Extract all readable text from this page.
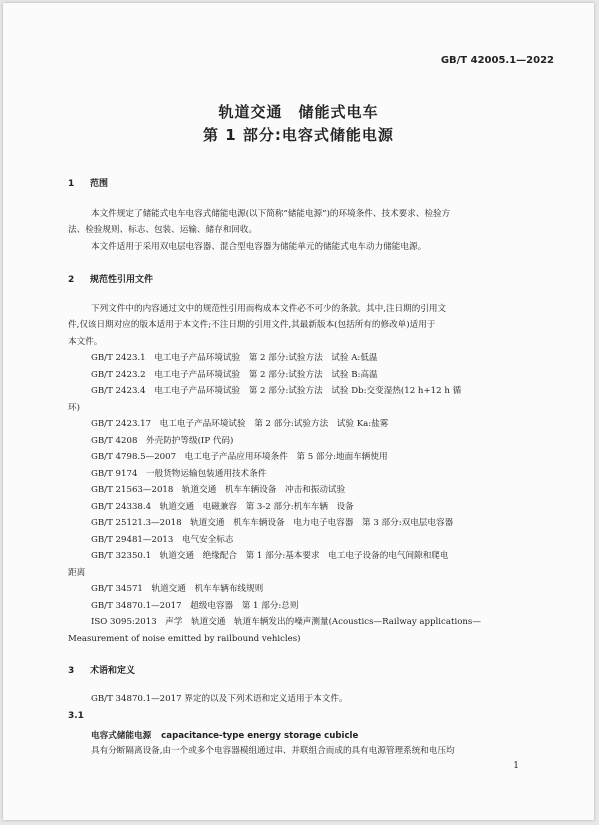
GB/T 42005.1—2022
轨道交通　储能式电车
第 1 部分:电容式储能电源
1 范围
本文件规定了储能式电车电容式储能电源(以下简称“储能电源”)的环境条件、技术要求、检验方
法、检验规则、标志、包装、运输、储存和回收。
本文件适用于采用双电层电容器、混合型电容器为储能单元的储能式电车动力储能电源。
2 规范性引用文件
下列文件中的内容通过文中的规范性引用而构成本文件必不可少的条款。其中,注日期的引用文
件,仅该日期对应的版本适用于本文件;不注日期的引用文件,其最新版本(包括所有的修改单)适用于
本文件。
GB/T 2423.1　电工电子产品环境试验　第 2 部分:试验方法　试验 A:低温
GB/T 2423.2　电工电子产品环境试验　第 2 部分:试验方法　试验 B:高温
GB/T 2423.4　电工电子产品环境试验　第 2 部分:试验方法　试验 Db:交变湿热(12 h+12 h 循
环)
GB/T 2423.17　电工电子产品环境试验　第 2 部分:试验方法　试验 Ka:盐雾
GB/T 4208　外壳防护等级(IP 代码)
GB/T 4798.5—2007　电工电子产品应用环境条件　第 5 部分:地面车辆使用
GB/T 9174　一般货物运输包装通用技术条件
GB/T 21563—2018　轨道交通　机车车辆设备　冲击和振动试验
GB/T 24338.4　轨道交通　电磁兼容　第 3-2 部分:机车车辆　设备
GB/T 25121.3—2018　轨道交通　机车车辆设备　电力电子电容器　第 3 部分:双电层电容器
GB/T 29481—2013　电气安全标志
GB/T 32350.1　轨道交通　绝缘配合　第 1 部分:基本要求　电工电子设备的电气间隙和爬电
距离
GB/T 34571　轨道交通　机车车辆布线规则
GB/T 34870.1—2017　超级电容器　第 1 部分:总则
ISO 3095:2013　声学　轨道交通　轨道车辆发出的噪声测量(Acoustics—Railway applications—
Measurement of noise emitted by railbound vehicles)
3 术语和定义
GB/T 34870.1—2017 界定的以及下列术语和定义适用于本文件。
3.1
电容式储能电源 capacitance-type energy storage cubicle
具有分断隔离设备,由一个或多个电容器模组通过串、并联组合而成的具有电源管理系统和电压均
1
